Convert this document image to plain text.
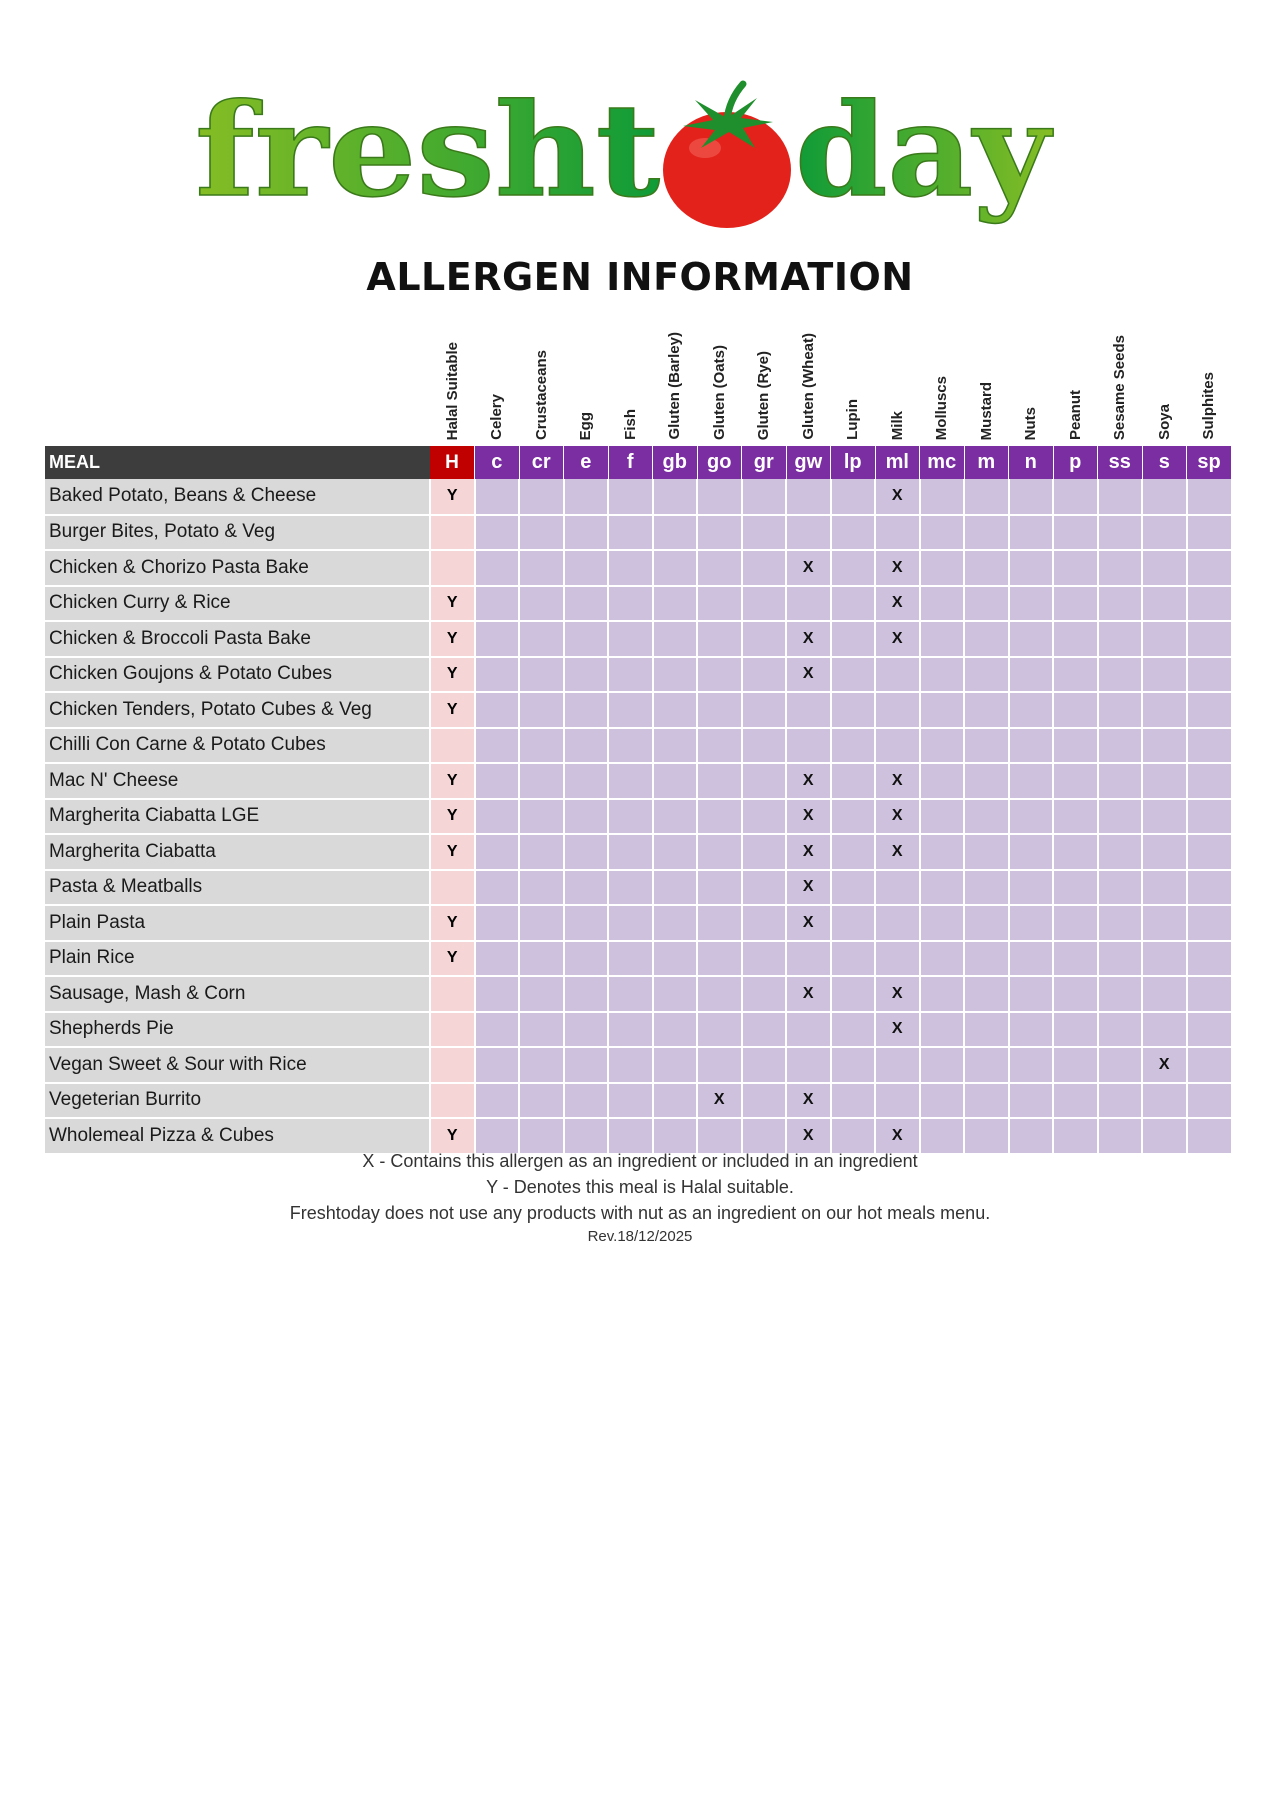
fresht day
ALLERGEN INFORMATION

	Halal Suitable	Celery	Crustaceans	Egg	Fish	Gluten (Barley)	Gluten (Oats)	Gluten (Rye)	Gluten (Wheat)	Lupin	Milk	Molluscs	Mustard	Nuts	Peanut	Sesame Seeds	Soya	Sulphites

MEAL	H	c	cr	e	f	gb	go	gr	gw	lp	ml	mc	m	n	p	ss	s	sp
Baked Potato, Beans & Cheese	Y										X							
Burger Bites, Potato & Veg																		
Chicken & Chorizo Pasta Bake									X		X							
Chicken Curry & Rice	Y										X							
Chicken & Broccoli Pasta Bake	Y								X		X							
Chicken Goujons & Potato Cubes	Y								X									
Chicken Tenders, Potato Cubes & Veg	Y																	
Chilli Con Carne & Potato Cubes																		
Mac N' Cheese	Y								X		X							
Margherita Ciabatta LGE	Y								X		X							
Margherita Ciabatta	Y								X		X							
Pasta & Meatballs									X									
Plain Pasta	Y								X									
Plain Rice	Y																	
Sausage, Mash & Corn									X		X							
Shepherds Pie											X							
Vegan Sweet & Sour with Rice																	X	
Vegeterian Burrito							X		X									
Wholemeal Pizza & Cubes	Y								X		X							
X - Contains this allergen as an ingredient or included in an ingredient
Y - Denotes this meal is Halal suitable.
Freshtoday does not use any products with nut as an ingredient on our hot meals menu.
Rev.18/12/2025
